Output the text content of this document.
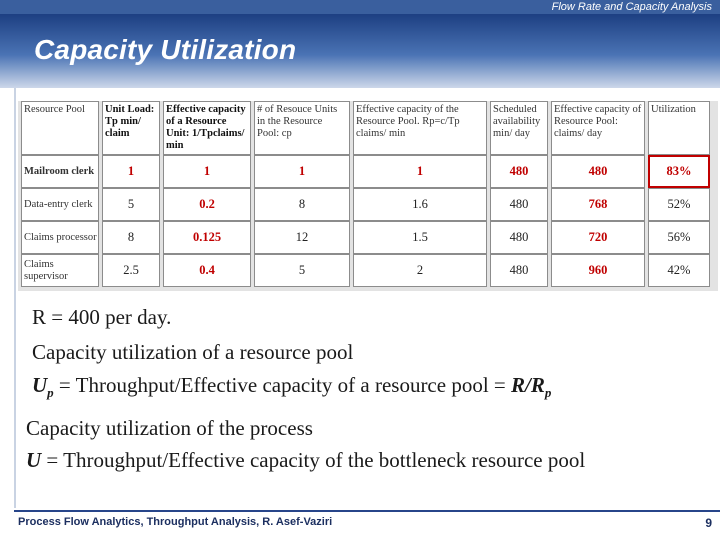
Flow Rate and Capacity Analysis
Capacity Utilization
Resource Pool	Unit Load: Tp min/ claim	Effective capacity of a Resource Unit: 1/Tpclaims/ min	# of Resouce Units in the Resource Pool: cp	Effective capacity of the Resource Pool. Rp=c/Tp claims/ min	Scheduled availability min/ day	Effective capacity of Resource Pool: claims/ day	Utilization
Mailroom clerk	1	1	1	1	480	480	83%
Data-entry clerk	5	0.2	8	1.6	480	768	52%
Claims processor	8	0.125	12	1.5	480	720	56%
Claims supervisor	2.5	0.4	5	2	480	960	42%
R = 400 per day.
Capacity utilization of a resource pool
$U_p$ = Throughput/Effective capacity of a resource pool = $R/R_p$
Capacity utilization of the process
U = Throughput/Effective capacity of the bottleneck resource pool
Process Flow Analytics, Throughput Analysis, R. Asef-Vaziri	9
